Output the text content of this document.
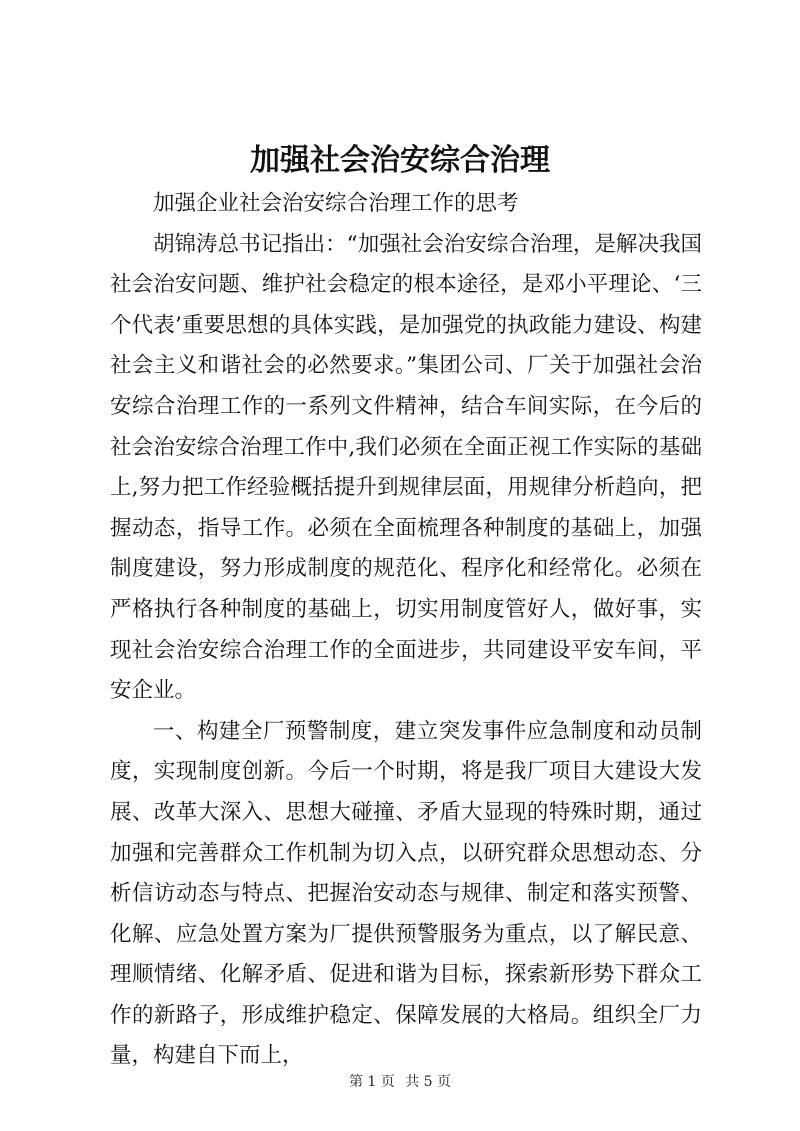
加强社会治安综合治理

加强企业社会治安综合治理工作的思考

胡锦涛总书记指出：“加强社会治安综合治理，是解决我国社会治安问题、维护社会稳定的根本途径，是邓小平理论、‘三个代表’重要思想的具体实践，是加强党的执政能力建设、构建社会主义和谐社会的必然要求。”集团公司、厂关于加强社会治安综合治理工作的一系列文件精神，结合车间实际，在今后的社会治安综合治理工作中,我们必须在全面正视工作实际的基础上,努力把工作经验概括提升到规律层面，用规律分析趋向，把握动态，指导工作。必须在全面梳理各种制度的基础上，加强制度建设，努力形成制度的规范化、程序化和经常化。必须在严格执行各种制度的基础上，切实用制度管好人，做好事，实现社会治安综合治理工作的全面进步，共同建设平安车间，平安企业。

一、构建全厂预警制度，建立突发事件应急制度和动员制度，实现制度创新。今后一个时期，将是我厂项目大建设大发展、改革大深入、思想大碰撞、矛盾大显现的特殊时期，通过加强和完善群众工作机制为切入点，以研究群众思想动态、分析信访动态与特点、把握治安动态与规律、制定和落实预警、化解、应急处置方案为厂提供预警服务为重点，以了解民意、理顺情绪、化解矛盾、促进和谐为目标，探索新形势下群众工作的新路子，形成维护稳定、保障发展的大格局。组织全厂力量，构建自下而上，

第 1 页 共 5 页
